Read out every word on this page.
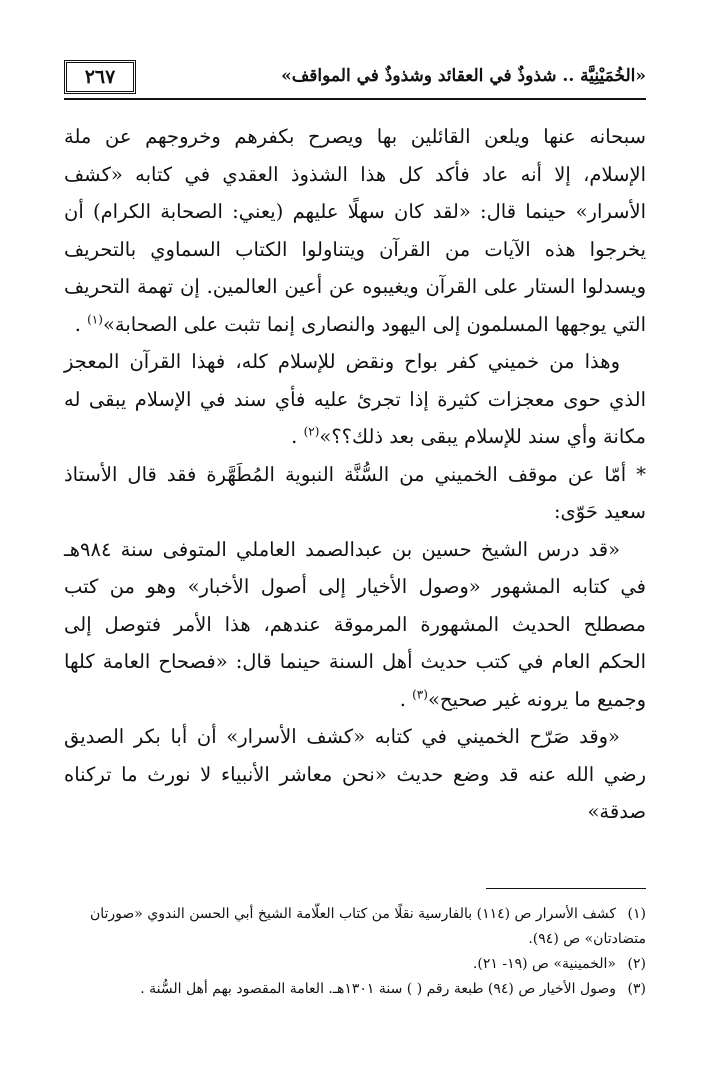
«الخُمَيْنِيَّة .. شذوذٌ في العقائد وشذوذٌ في المواقف»
٢٦٧

سبحانه عنها ويلعن القائلين بها ويصرح بكفرهم وخروجهم عن ملة الإسلام، إلا أنه عاد فأكد كل هذا الشذوذ العقدي في كتابه «كشف الأسرار» حينما قال: «لقد كان سهلًا عليهم (يعني: الصحابة الكرام) أن يخرجوا هذه الآيات من القرآن ويتناولوا الكتاب السماوي بالتحريف ويسدلوا الستار على القرآن ويغيبوه عن أعين العالمين. إن تهمة التحريف التي يوجهها المسلمون إلى اليهود والنصارى إنما تثبت على الصحابة»$^{(١)}$ .

وهذا من خميني كفر بواح ونقض للإسلام كله، فهذا القرآن المعجز الذي حوى معجزات كثيرة إذا تجرئ عليه فأي سند في الإسلام يبقى له مكانة وأي سند للإسلام يبقى بعد ذلك؟؟»$^{(٢)}$ .

* أمّا عن موقف الخميني من السُّنَّة النبوية المُطَهَّرة فقد قال الأستاذ سعيد حَوّى:

«قد درس الشيخ حسين بن عبدالصمد العاملي المتوفى سنة ٩٨٤هـ في كتابه المشهور «وصول الأخيار إلى أصول الأخبار» وهو من كتب مصطلح الحديث المشهورة المرموقة عندهم، هذا الأمر فتوصل إلى الحكم العام في كتب حديث أهل السنة حينما قال: «فصحاح العامة كلها وجميع ما يرونه غير صحيح»$^{(٣)}$ .

«وقد صَرّح الخميني في كتابه «كشف الأسرار» أن أبا بكر الصديق رضي الله عنه قد وضع حديث «نحن معاشر الأنبياء لا نورث ما تركناه صدقة»

(١)كشف الأسرار ص (١١٤) بالفارسية نقلًا من كتاب العلّامة الشيخ أبي الحسن الندوي «صورتان متضادتان» ص (٩٤).

(٢)«الخمينية» ص (١٩- ٢١).

(٣)وصول الأخيار ص (٩٤) طبعة رقم ( ) سنة ١٣٠١هـ. العامة المقصود بهم أهل السُّنة .
